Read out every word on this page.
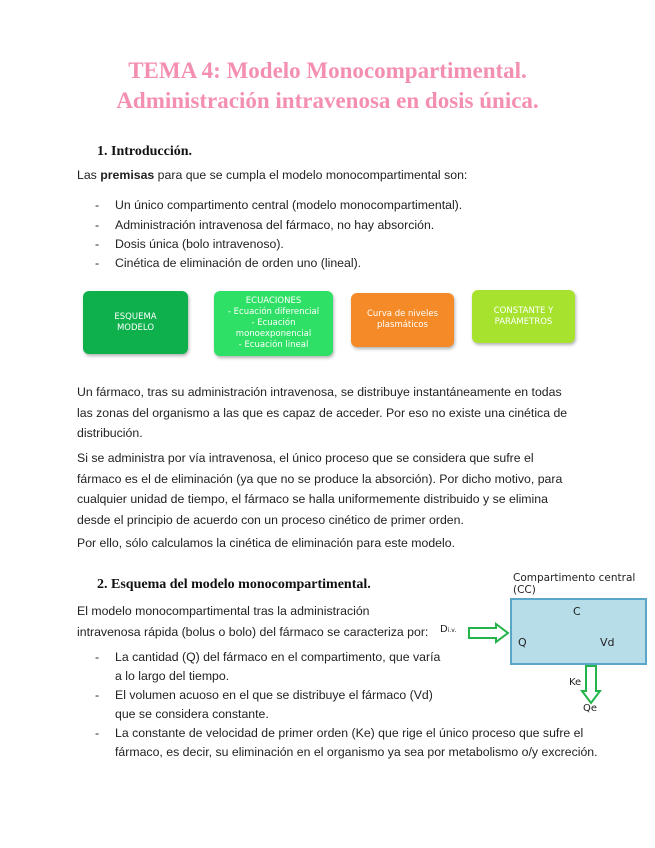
TEMA 4: Modelo Monocompartimental.
Administración intravenosa en dosis única.
1. Introducción.
Las premisas para que se cumpla el modelo monocompartimental son:
- Un único compartimento central (modelo monocompartimental).
- Administración intravenosa del fármaco, no hay absorción.
- Dosis única (bolo intravenoso).
- Cinética de eliminación de orden uno (lineal).
ESQUEMA
MODELO
ECUACIONES
- Ecuación diferencial
- Ecuación monoexponencial
- Ecuación lineal
Curva de niveles
plasmáticos
CONSTANTE Y
PARÁMETROS
Un fármaco, tras su administración intravenosa, se distribuye instantáneamente en todas las zonas del organismo a las que es capaz de acceder. Por eso no existe una cinética de distribución.
Si se administra por vía intravenosa, el único proceso que se considera que sufre el fármaco es el de eliminación (ya que no se produce la absorción). Por dicho motivo, para cualquier unidad de tiempo, el fármaco se halla uniformemente distribuido y se elimina desde el principio de acuerdo con un proceso cinético de primer orden.
Por ello, sólo calculamos la cinética de eliminación para este modelo.
2. Esquema del modelo monocompartimental.
El modelo monocompartimental tras la administración intravenosa rápida (bolus o bolo) del fármaco se caracteriza por:
- La cantidad (Q) del fármaco en el compartimento, que varía
a lo largo del tiempo.
- El volumen acuoso en el que se distribuye el fármaco (Vd)
que se considera constante.
- La constante de velocidad de primer orden (Ke) que rige el único proceso que sufre el
fármaco, es decir, su eliminación en el organismo ya sea por metabolismo o/y excreción.
Compartimento central (CC)
C
Q	Vd
Di.v.
Ke
Qe
